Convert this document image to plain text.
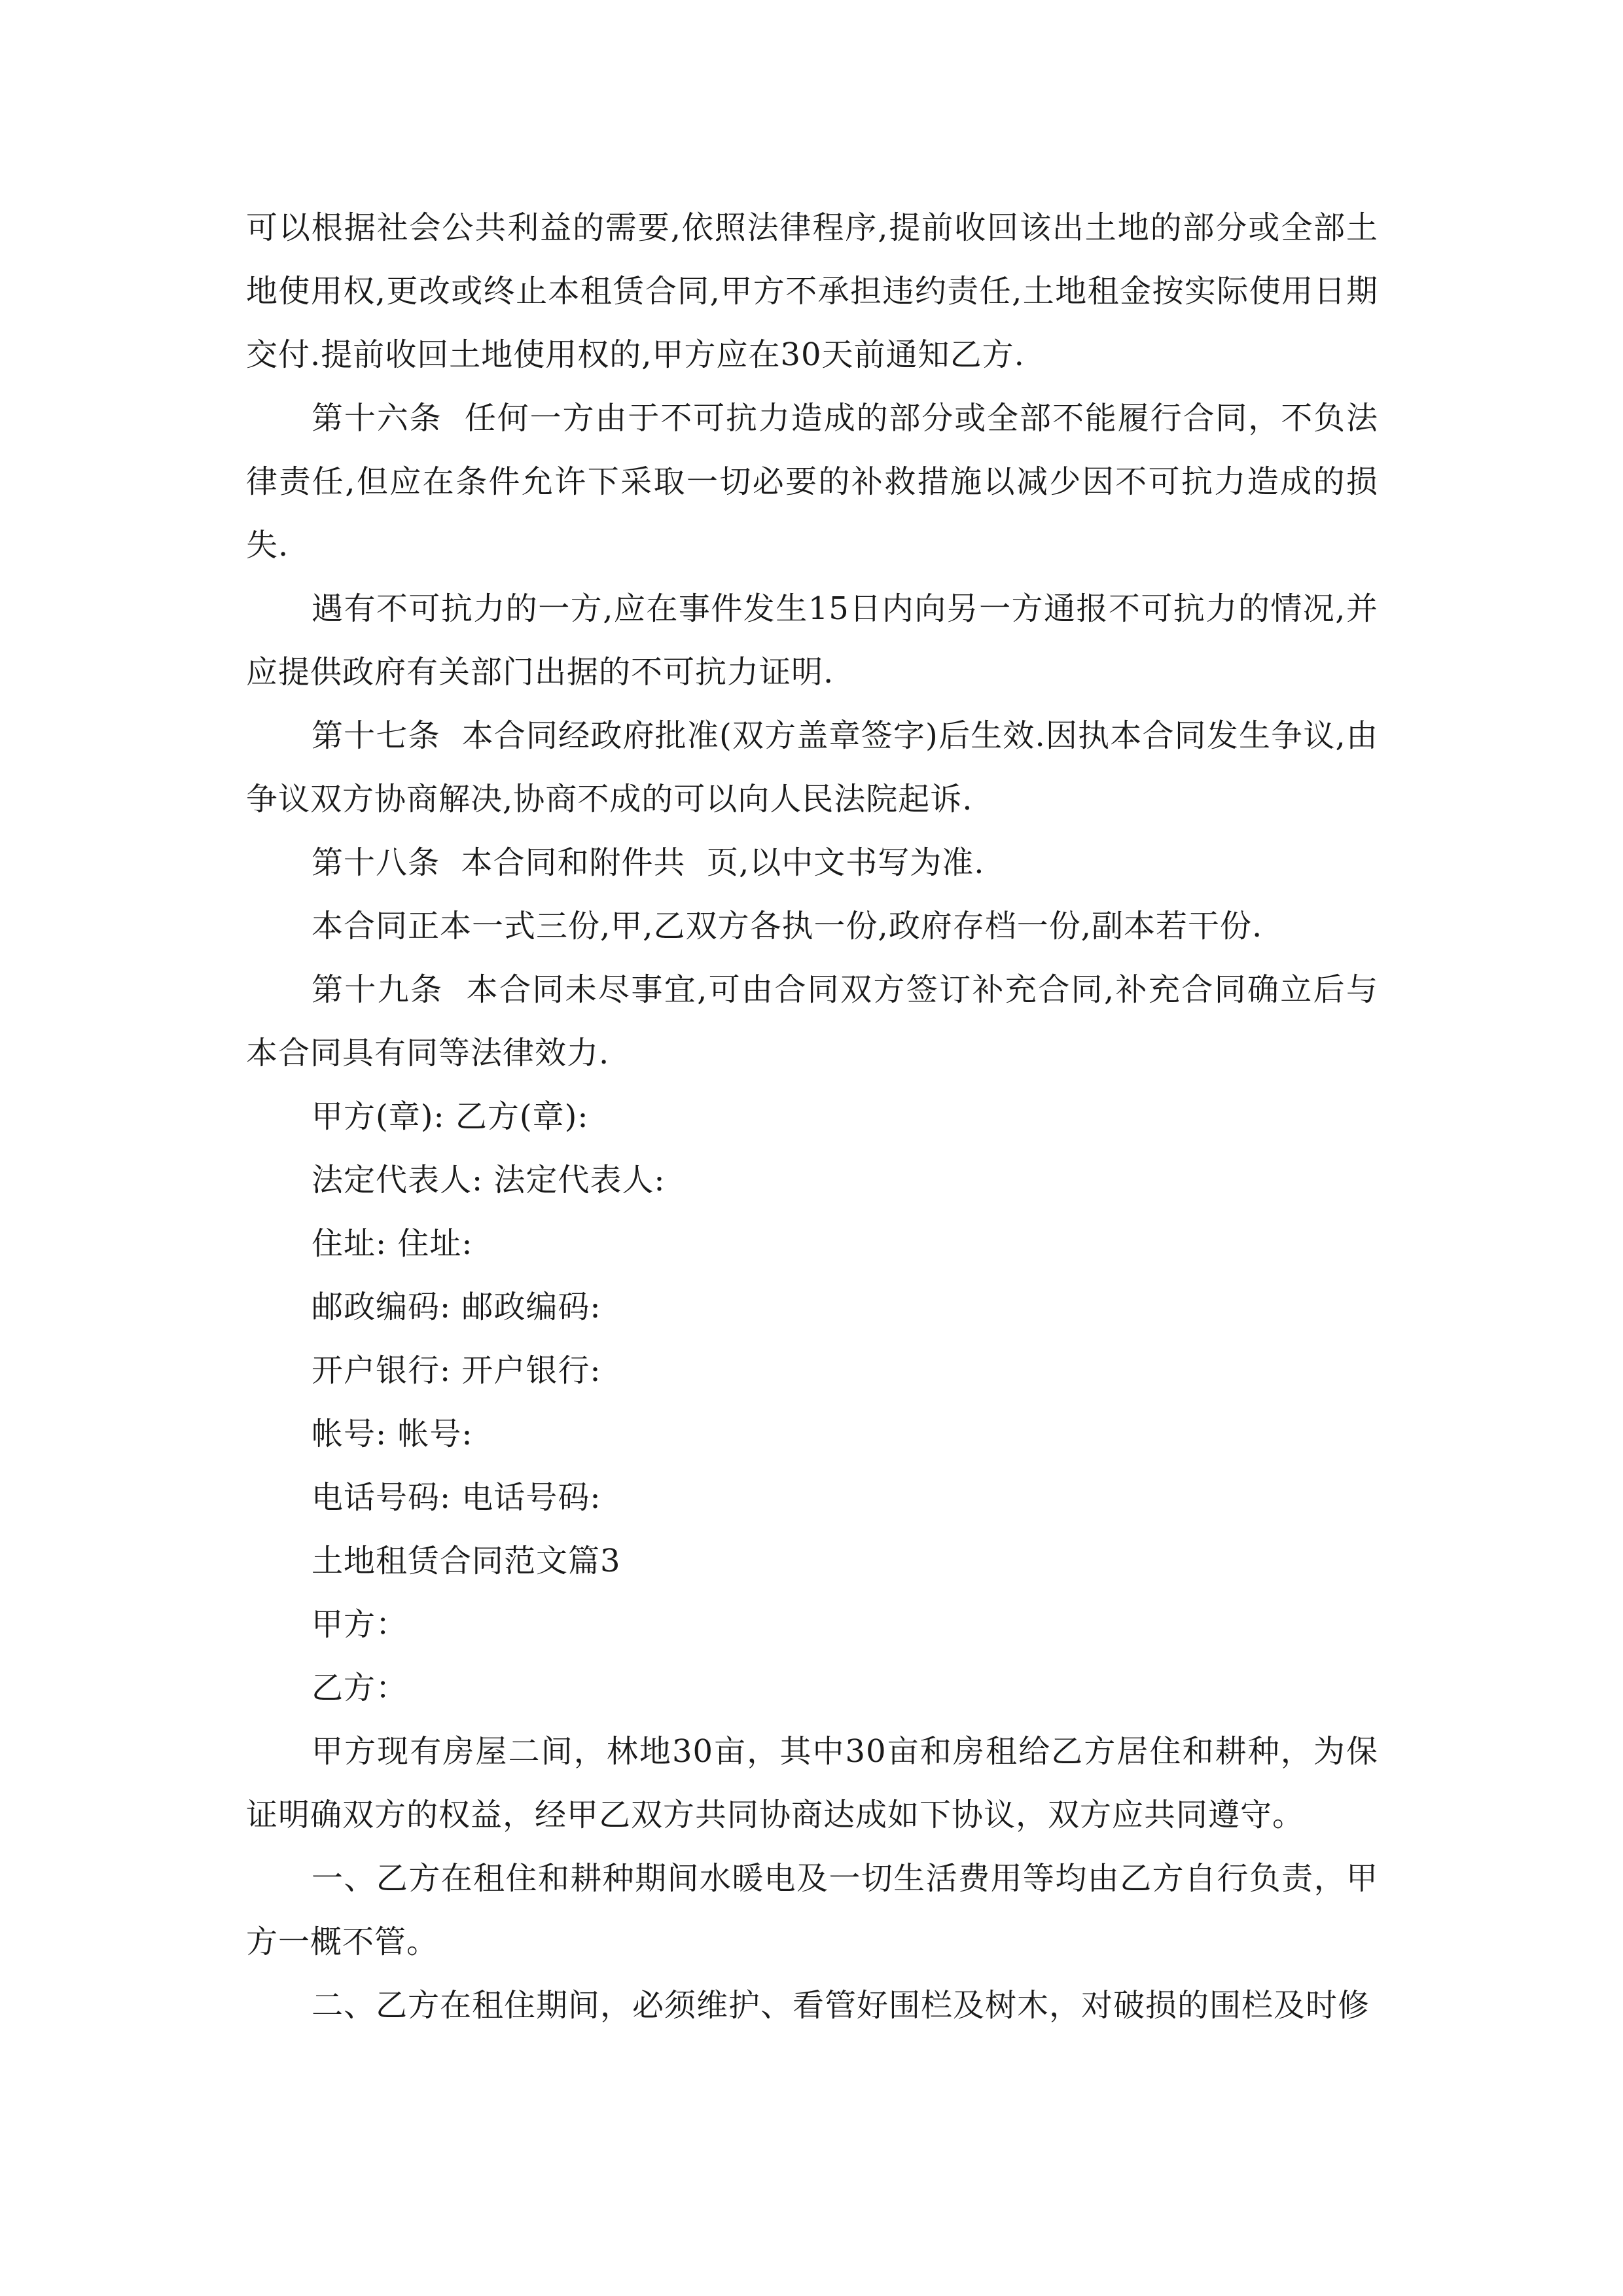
可以根据社会公共利益的需要,依照法律程序,提前收回该出土地的部分或全部土地使用权,更改或终止本租赁合同,甲方不承担违约责任,土地租金按实际使用日期交付.提前收回土地使用权的,甲方应在30天前通知乙方.

第十六条  任何一方由于不可抗力造成的部分或全部不能履行合同，不负法律责任,但应在条件允许下采取一切必要的补救措施以减少因不可抗力造成的损失.

遇有不可抗力的一方,应在事件发生15日内向另一方通报不可抗力的情况,并应提供政府有关部门出据的不可抗力证明.

第十七条  本合同经政府批准(双方盖章签字)后生效.因执本合同发生争议,由争议双方协商解决,协商不成的可以向人民法院起诉.

第十八条  本合同和附件共  页,以中文书写为准.

本合同正本一式三份,甲,乙双方各执一份,政府存档一份,副本若干份.

第十九条  本合同未尽事宜,可由合同双方签订补充合同,补充合同确立后与本合同具有同等法律效力.

甲方(章): 乙方(章):

法定代表人: 法定代表人:

住址: 住址:

邮政编码: 邮政编码:

开户银行: 开户银行:

帐号: 帐号:

电话号码: 电话号码:

土地租赁合同范文篇3

甲方：

乙方：

甲方现有房屋二间，林地30亩，其中30亩和房租给乙方居住和耕种，为保证明确双方的权益，经甲乙双方共同协商达成如下协议，双方应共同遵守。

一、乙方在租住和耕种期间水暖电及一切生活费用等均由乙方自行负责，甲方一概不管。

二、乙方在租住期间，必须维护、看管好围栏及树木，对破损的围栏及时修
